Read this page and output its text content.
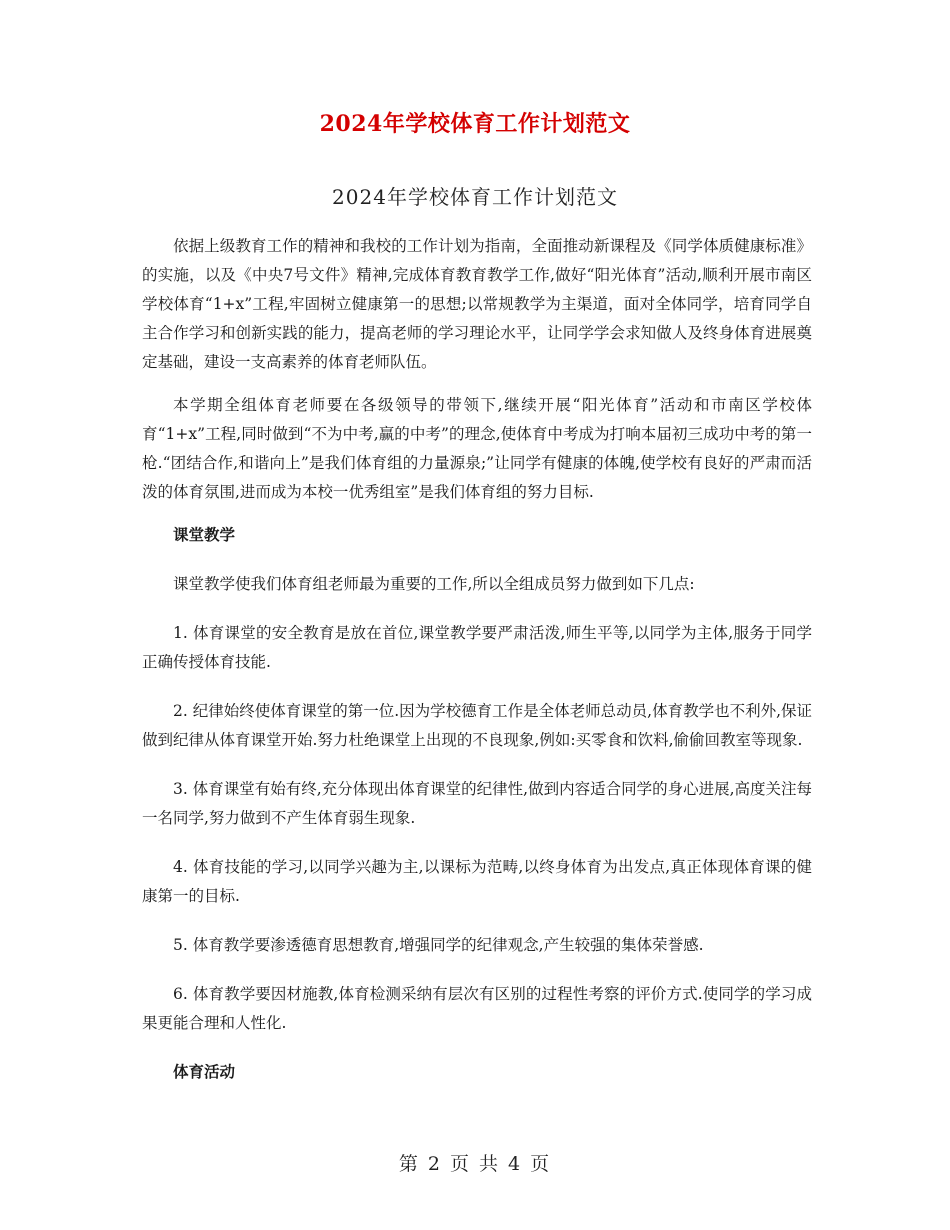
2024年学校体育工作计划范文
2024年学校体育工作计划范文

依据上级教育工作的精神和我校的工作计划为指南，全面推动新课程及《同学体质健康标准》的实施，以及《中央7号文件》精神,完成体育教育教学工作,做好“阳光体育”活动,顺利开展市南区学校体育“1+x”工程,牢固树立健康第一的思想;以常规教学为主渠道，面对全体同学，培育同学自主合作学习和创新实践的能力，提高老师的学习理论水平，让同学学会求知做人及终身体育进展奠定基础，建设一支高素养的体育老师队伍。

本学期全组体育老师要在各级领导的带领下,继续开展“阳光体育”活动和市南区学校体育“1+x”工程,同时做到“不为中考,赢的中考”的理念,使体育中考成为打响本届初三成功中考的第一枪.“团结合作,和谐向上”是我们体育组的力量源泉;”让同学有健康的体魄,使学校有良好的严肃而活泼的体育氛围,进而成为本校一优秀组室”是我们体育组的努力目标.

课堂教学

课堂教学使我们体育组老师最为重要的工作,所以全组成员努力做到如下几点:

1. 体育课堂的安全教育是放在首位,课堂教学要严肃活泼,师生平等,以同学为主体,服务于同学正确传授体育技能.

2. 纪律始终使体育课堂的第一位.因为学校德育工作是全体老师总动员,体育教学也不利外,保证做到纪律从体育课堂开始.努力杜绝课堂上出现的不良现象,例如:买零食和饮料,偷偷回教室等现象.

3. 体育课堂有始有终,充分体现出体育课堂的纪律性,做到内容适合同学的身心进展,高度关注每一名同学,努力做到不产生体育弱生现象.

4. 体育技能的学习,以同学兴趣为主,以课标为范畴,以终身体育为出发点,真正体现体育课的健康第一的目标.

5. 体育教学要渗透德育思想教育,增强同学的纪律观念,产生较强的集体荣誉感.

6. 体育教学要因材施教,体育检测采纳有层次有区别的过程性考察的评价方式.使同学的学习成果更能合理和人性化.

体育活动

第 2 页 共 4 页
